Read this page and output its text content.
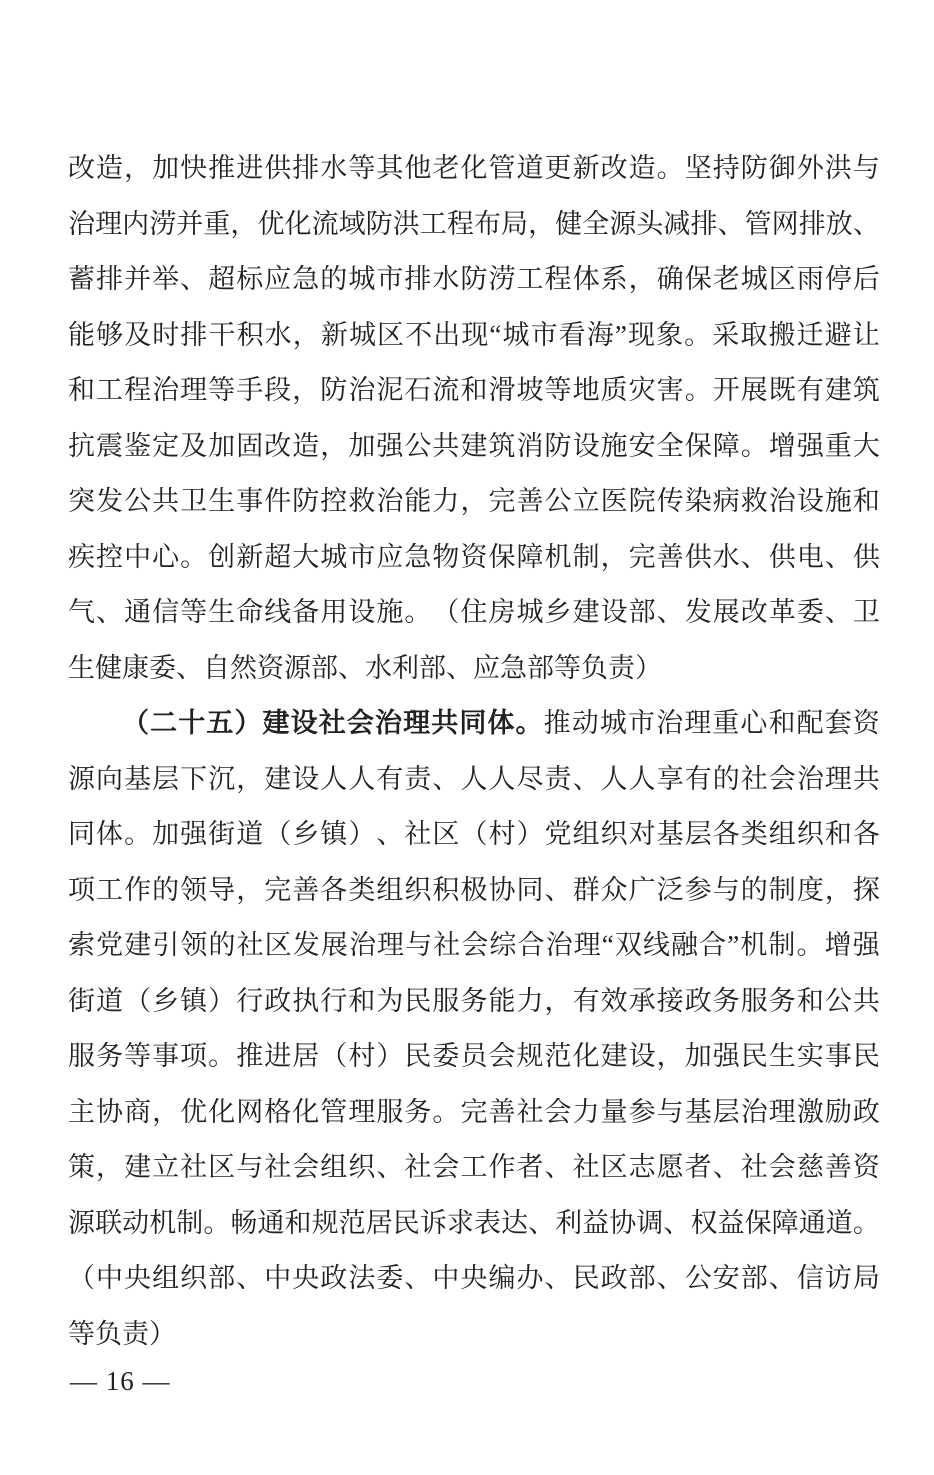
改 造 ， 加 快 推 进 供 排 水 等 其 他 老 化 管 道 更 新 改 造 。 坚 持 防 御 外 洪 与
治 理 内 涝 并 重 ， 优 化 流 域 防 洪 工 程 布 局 ， 健 全 源 头 减 排 、 管 网 排 放 、
蓄 排 并 举 、 超 标 应 急 的 城 市 排 水 防 涝 工 程 体 系 ， 确 保 老 城 区 雨 停 后
能 够 及 时 排 干 积 水 ， 新 城 区 不 出 现 “ 城 市 看 海 ” 现 象 。 采 取 搬 迁 避 让
和 工 程 治 理 等 手 段 ， 防 治 泥 石 流 和 滑 坡 等 地 质 灾 害 。 开 展 既 有 建 筑
抗 震 鉴 定 及 加 固 改 造 ， 加 强 公 共 建 筑 消 防 设 施 安 全 保 障 。 增 强 重 大
突 发 公 共 卫 生 事 件 防 控 救 治 能 力 ， 完 善 公 立 医 院 传 染 病 救 治 设 施 和
疾 控 中 心 。 创 新 超 大 城 市 应 急 物 资 保 障 机 制 ， 完 善 供 水 、 供 电 、 供
气 、 通 信 等 生 命 线 备 用 设 施 。 （ 住 房 城 乡 建 设 部 、 发 展 改 革 委 、 卫
生 健 康 委 、 自 然 资 源 部 、 水 利 部 、 应 急 部 等 负 责 ）
（ 二 十 五 ） 建 设 社 会 治 理 共 同 体 。 推 动 城 市 治 理 重 心 和 配 套 资
源 向 基 层 下 沉 ， 建 设 人 人 有 责 、 人 人 尽 责 、 人 人 享 有 的 社 会 治 理 共
同 体 。 加 强 街 道 （ 乡 镇 ） 、 社 区 （ 村 ） 党 组 织 对 基 层 各 类 组 织 和 各
项 工 作 的 领 导 ， 完 善 各 类 组 织 积 极 协 同 、 群 众 广 泛 参 与 的 制 度 ， 探
索 党 建 引 领 的 社 区 发 展 治 理 与 社 会 综 合 治 理 “ 双 线 融 合 ” 机 制 。 增 强
街 道 （ 乡 镇 ） 行 政 执 行 和 为 民 服 务 能 力 ， 有 效 承 接 政 务 服 务 和 公 共
服 务 等 事 项 。 推 进 居 （ 村 ） 民 委 员 会 规 范 化 建 设 ， 加 强 民 生 实 事 民
主 协 商 ， 优 化 网 格 化 管 理 服 务 。 完 善 社 会 力 量 参 与 基 层 治 理 激 励 政
策 ， 建 立 社 区 与 社 会 组 织 、 社 会 工 作 者 、 社 区 志 愿 者 、 社 会 慈 善 资
源 联 动 机 制 。 畅 通 和 规 范 居 民 诉 求 表 达 、 利 益 协 调 、 权 益 保 障 通 道 。
（ 中 央 组 织 部 、 中 央 政 法 委 、 中 央 编 办 、 民 政 部 、 公 安 部 、 信 访 局
等 负 责 ）
— 16 —
